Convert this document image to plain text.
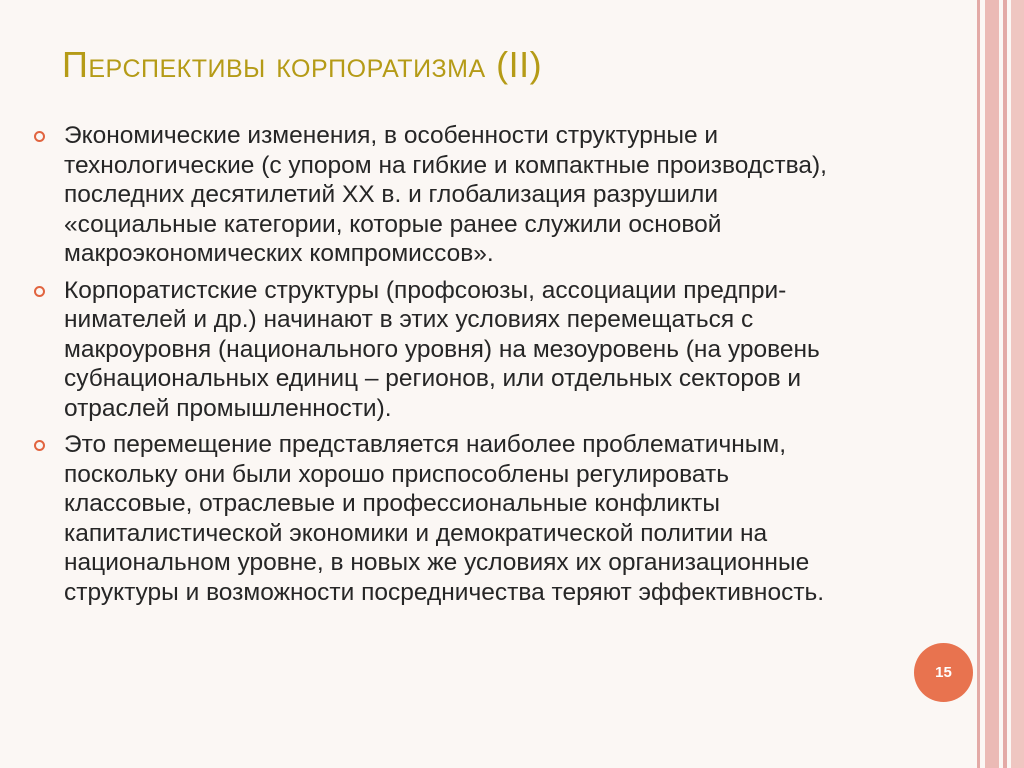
Перспективы корпоратизма (II)

Экономические изменения, в особенности структурные и
технологические (с упором на гибкие и компактные производства),
последних десятилетий XX в. и глобализация разрушили
«социальные категории, которые ранее служили основой
макроэкономических компромиссов».

Корпоратистские структуры (профсоюзы, ассоциации предпри-
нимателей и др.) начинают в этих условиях перемещаться с
макроуровня (национального уровня) на мезоуровень (на уровень
субнациональных единиц – регионов, или отдельных секторов и
отраслей промышленности).

Это перемещение представляется наиболее проблематичным,
поскольку они были хорошо приспособлены регулировать
классовые, отраслевые и профессиональные конфликты
капиталистической экономики и демократической политии на
национальном уровне, в новых же условиях их организационные
структуры и возможности посредничества теряют эффективность.

15
